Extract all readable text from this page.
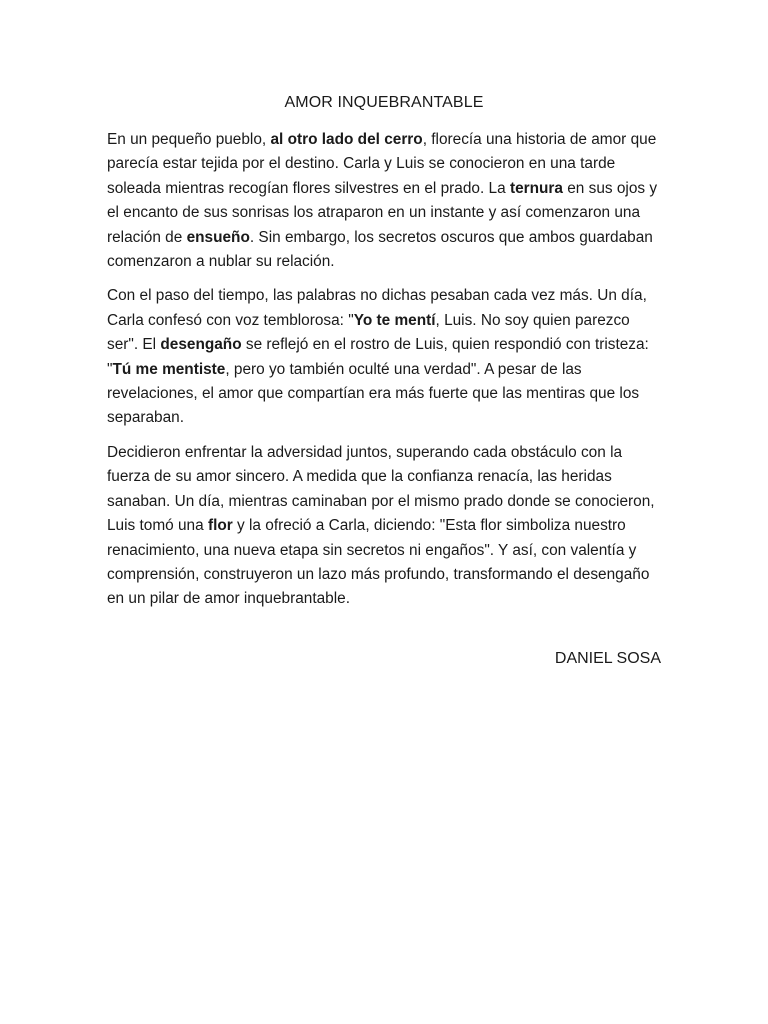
AMOR INQUEBRANTABLE

En un pequeño pueblo, al otro lado del cerro, florecía una historia de amor que parecía estar tejida por el destino. Carla y Luis se conocieron en una tarde soleada mientras recogían flores silvestres en el prado. La ternura en sus ojos y el encanto de sus sonrisas los atraparon en un instante y así comenzaron una relación de ensueño. Sin embargo, los secretos oscuros que ambos guardaban comenzaron a nublar su relación.

Con el paso del tiempo, las palabras no dichas pesaban cada vez más. Un día, Carla confesó con voz temblorosa: "Yo te mentí, Luis. No soy quien parezco ser". El desengaño se reflejó en el rostro de Luis, quien respondió con tristeza: "Tú me mentiste, pero yo también oculté una verdad". A pesar de las revelaciones, el amor que compartían era más fuerte que las mentiras que los separaban.

Decidieron enfrentar la adversidad juntos, superando cada obstáculo con la fuerza de su amor sincero. A medida que la confianza renacía, las heridas sanaban. Un día, mientras caminaban por el mismo prado donde se conocieron, Luis tomó una flor y la ofreció a Carla, diciendo: "Esta flor simboliza nuestro renacimiento, una nueva etapa sin secretos ni engaños". Y así, con valentía y comprensión, construyeron un lazo más profundo, transformando el desengaño en un pilar de amor inquebrantable.

DANIEL SOSA
